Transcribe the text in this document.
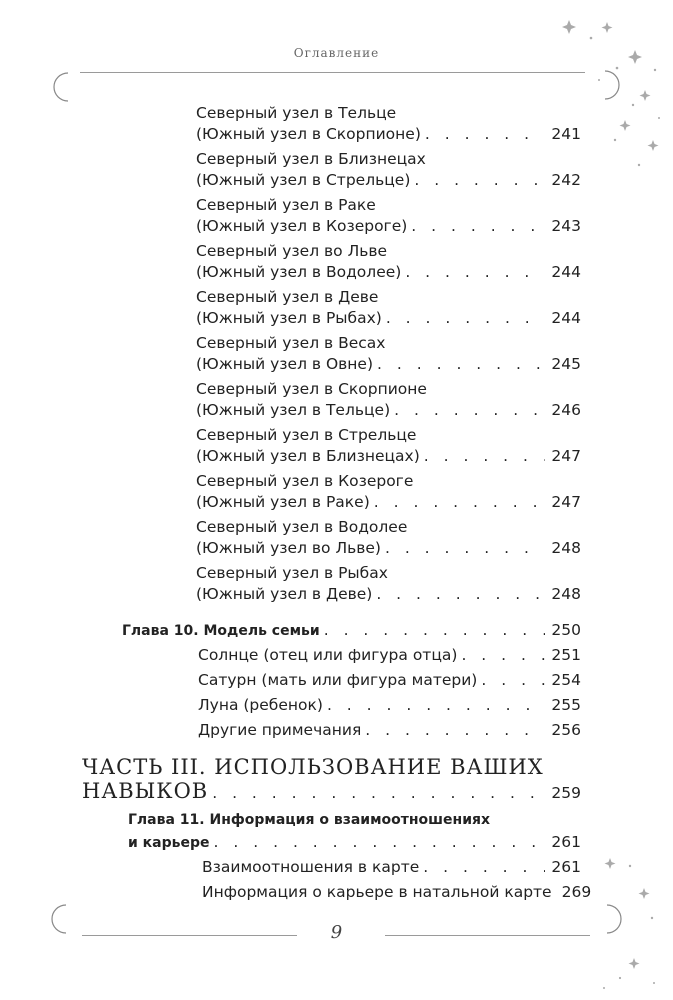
Оглавление
Северный узел в Тельце
(Южный узел в Скорпионе) . . .	241
Северный узел в Близнецах
(Южный узел в Стрельце) . . .	242
Северный узел в Раке
(Южный узел в Козероге) . . .	243
Северный узел во Льве
(Южный узел в Водолее) . . .	244
Северный узел в Деве
(Южный узел в Рыбах) . . .	244
Северный узел в Весах
(Южный узел в Овне) . . .	245
Северный узел в Скорпионе
(Южный узел в Тельце) . . .	246
Северный узел в Стрельце
(Южный узел в Близнецах) . . .	247
Северный узел в Козероге
(Южный узел в Раке) . . .	247
Северный узел в Водолее
(Южный узел во Льве) . . .	248
Северный узел в Рыбах
(Южный узел в Деве) . . .	248
Глава 10. Модель семьи . . .	250
Солнце (отец или фигура отца) . . .	251
Сатурн (мать или фигура матери) . . .	254
Луна (ребенок) . . .	255
Другие примечания . . .	256
ЧАСТЬ III. ИСПОЛЬЗОВАНИЕ ВАШИХ
НАВЫКОВ . . .	259
Глава 11. Информация о взаимоотношениях
и карьере . . .	261
Взаимоотношения в карте . . .	261
Информация о карьере в натальной карте 269
9
